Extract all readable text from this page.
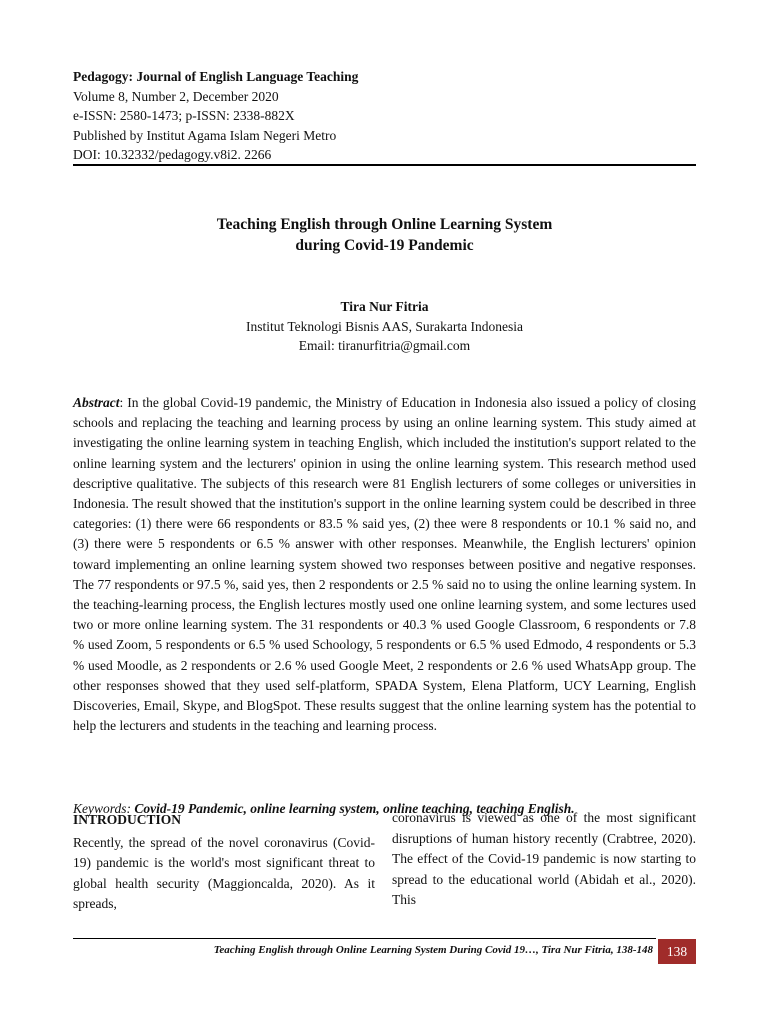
Pedagogy: Journal of English Language Teaching
Volume 8, Number 2, December 2020
e-ISSN: 2580-1473; p-ISSN: 2338-882X
Published by Institut Agama Islam Negeri Metro
DOI: 10.32332/pedagogy.v8i2. 2266
Teaching English through Online Learning System
during Covid-19 Pandemic
Tira Nur Fitria
Institut Teknologi Bisnis AAS, Surakarta Indonesia
Email: tiranurfitria@gmail.com
Abstract: In the global Covid-19 pandemic, the Ministry of Education in Indonesia also issued a policy of closing schools and replacing the teaching and learning process by using an online learning system. This study aimed at investigating the online learning system in teaching English, which included the institution's support related to the online learning system and the lecturers' opinion in using the online learning system. This research method used descriptive qualitative. The subjects of this research were 81 English lecturers of some colleges or universities in Indonesia. The result showed that the institution's support in the online learning system could be described in three categories: (1) there were 66 respondents or 83.5 % said yes, (2) thee were 8 respondents or 10.1 % said no, and (3) there were 5 respondents or 6.5 % answer with other responses. Meanwhile, the English lecturers' opinion toward implementing an online learning system showed two responses between positive and negative responses. The 77 respondents or 97.5 %, said yes, then 2 respondents or 2.5 % said no to using the online learning system. In the teaching-learning process, the English lectures mostly used one online learning system, and some lectures used two or more online learning system. The 31 respondents or 40.3 % used Google Classroom, 6 respondents or 7.8 % used Zoom, 5 respondents or 6.5 % used Schoology, 5 respondents or 6.5 % used Edmodo, 4 respondents or 5.3 % used Moodle, as 2 respondents or 2.6 % used Google Meet, 2 respondents or 2.6 % used WhatsApp group. The other responses showed that they used self-platform, SPADA System, Elena Platform, UCY Learning, English Discoveries, Email, Skype, and BlogSpot. These results suggest that the online learning system has the potential to help the lecturers and students in the teaching and learning process.
Keywords: Covid-19 Pandemic, online learning system, online teaching, teaching English.
INTRODUCTION
Recently, the spread of the novel coronavirus (Covid-19) pandemic is the world's most significant threat to global health security (Maggioncalda, 2020). As it spreads,
coronavirus is viewed as one of the most significant disruptions of human history recently (Crabtree, 2020). The effect of the Covid-19 pandemic is now starting to spread to the educational world (Abidah et al., 2020). This
Teaching English through Online Learning System During Covid 19…, Tira Nur Fitria, 138-148	138
